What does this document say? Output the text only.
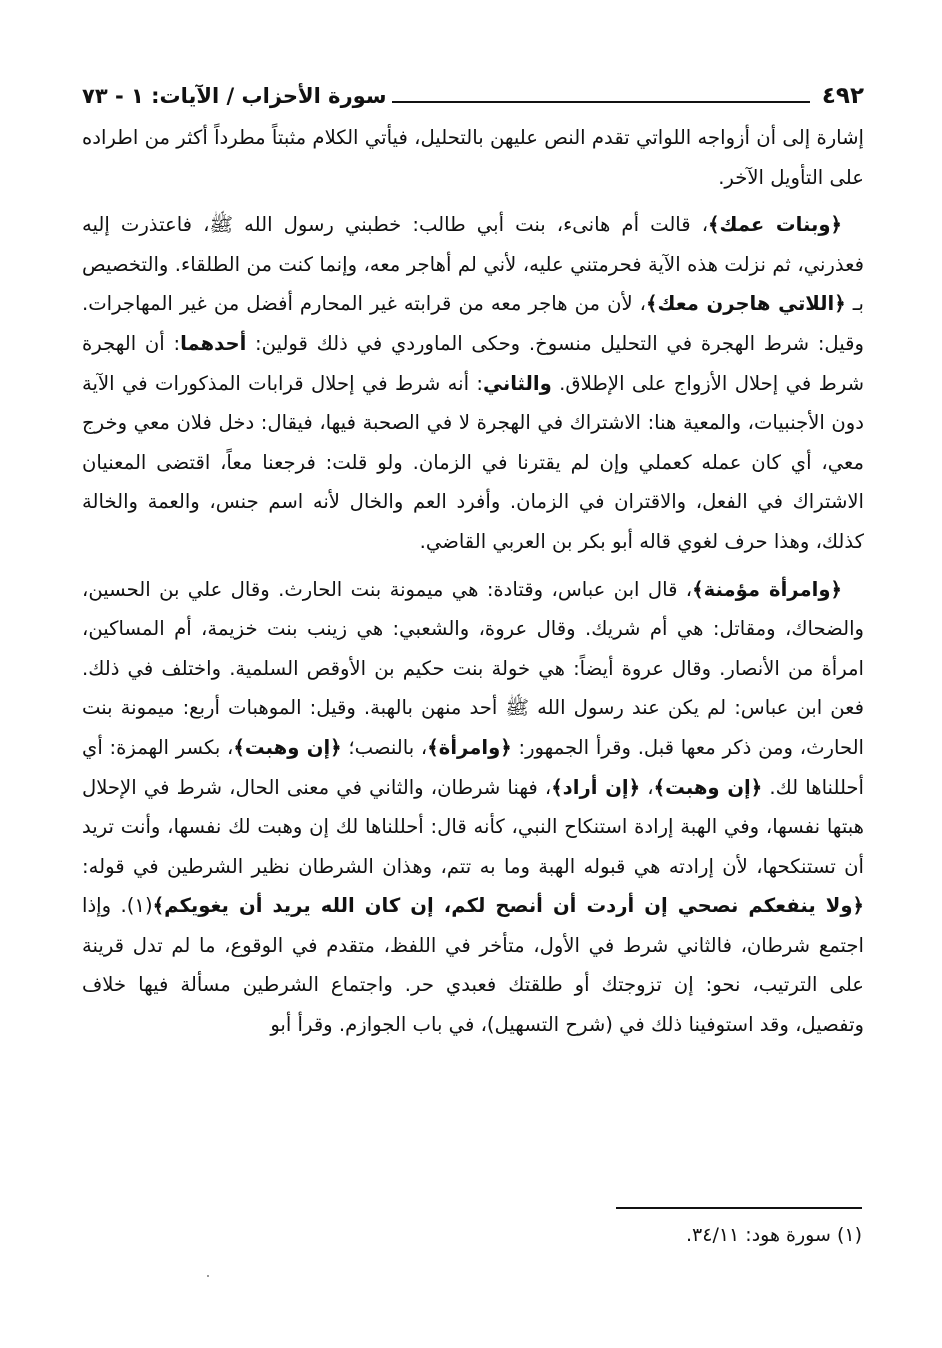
٤٩٢
سورة الأحزاب / الآيات: ١ - ٧٣

إشارة إلى أن أزواجه اللواتي تقدم النص عليهن بالتحليل، فيأتي الكلام مثبتاً مطرداً أكثر من اطراده على التأويل الآخر.

﴿وبنات عمك﴾، قالت أم هانىء، بنت أبي طالب: خطبني رسول الله ﷺ، فاعتذرت إليه فعذرني، ثم نزلت هذه الآية فحرمتني عليه، لأني لم أهاجر معه، وإنما كنت من الطلقاء. والتخصيص بـ ﴿اللاتي هاجرن معك﴾، لأن من هاجر معه من قرابته غير المحارم أفضل من غير المهاجرات. وقيل: شرط الهجرة في التحليل منسوخ. وحكى الماوردي في ذلك قولين: أحدهما: أن الهجرة شرط في إحلال الأزواج على الإطلاق. والثاني: أنه شرط في إحلال قرابات المذكورات في الآية دون الأجنبيات، والمعية هنا: الاشتراك في الهجرة لا في الصحبة فيها، فيقال: دخل فلان معي وخرج معي، أي كان عمله كعملي وإن لم يقترنا في الزمان. ولو قلت: فرجعنا معاً، اقتضى المعنيان الاشتراك في الفعل، والاقتران في الزمان. وأفرد العم والخال لأنه اسم جنس، والعمة والخالة كذلك، وهذا حرف لغوي قاله أبو بكر بن العربي القاضي.

﴿وامرأة مؤمنة﴾، قال ابن عباس، وقتادة: هي ميمونة بنت الحارث. وقال علي بن الحسين، والضحاك، ومقاتل: هي أم شريك. وقال عروة، والشعبي: هي زينب بنت خزيمة، أم المساكين، امرأة من الأنصار. وقال عروة أيضاً: هي خولة بنت حكيم بن الأوقص السلمية. واختلف في ذلك. فعن ابن عباس: لم يكن عند رسول الله ﷺ أحد منهن بالهبة. وقيل: الموهبات أربع: ميمونة بنت الحارث، ومن ذكر معها قبل. وقرأ الجمهور: ﴿وامرأة﴾، بالنصب؛ ﴿إن وهبت﴾، بكسر الهمزة: أي أحللناها لك. ﴿إن وهبت﴾، ﴿إن أراد﴾، فهنا شرطان، والثاني في معنى الحال، شرط في الإحلال هبتها نفسها، وفي الهبة إرادة استنكاح النبي، كأنه قال: أحللناها لك إن وهبت لك نفسها، وأنت تريد أن تستنكحها، لأن إرادته هي قبوله الهبة وما به تتم، وهذان الشرطان نظير الشرطين في قوله: ﴿ولا ينفعكم نصحي إن أردت أن أنصح لكم، إن كان الله يريد أن يغويكم﴾(١). وإذا اجتمع شرطان، فالثاني شرط في الأول، متأخر في اللفظ، متقدم في الوقوع، ما لم تدل قرينة على الترتيب، نحو: إن تزوجتك أو طلقتك فعبدي حر. واجتماع الشرطين مسألة فيها خلاف وتفصيل، وقد استوفينا ذلك في (شرح التسهيل)، في باب الجوازم. وقرأ أبو

(١) سورة هود: ٣٤/١١.
